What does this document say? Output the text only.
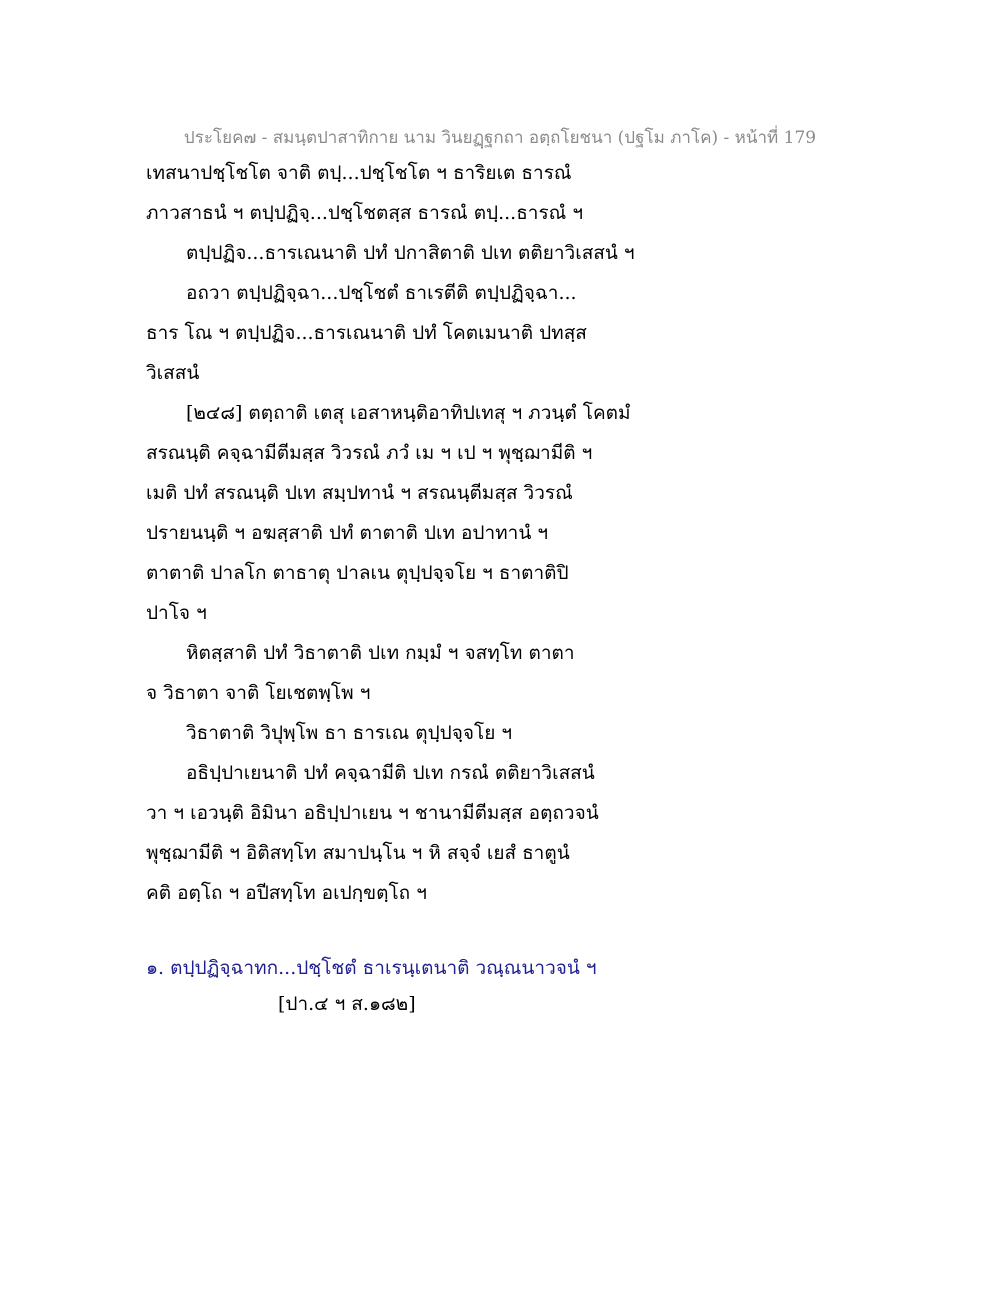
ประโยค๗ - สมนฺตปาสาทิกาย นาม วินยฏฺฐกถา อตฺถโยชนา (ปฐโม ภาโค) - หน้าที่ 179
เทสนาปชฺโชโต จาติ ตปฺ...ปชฺโชโต ฯ ธาริยเต ธารณํ
ภาวสาธนํ ฯ ตปฺปฏิจฺ...ปชฺโชตสฺส ธารณํ ตปฺ...ธารณํ ฯ
ตปฺปฏิจ...ธารเณนาติ ปทํ ปกาสิตาติ ปเท ตติยาวิเสสนํ ฯ
อถวา ตปฺปฏิจฺฉา...ปชฺโชตํ ธาเรตีติ ตปฺปฏิจฺฉา...
ธาร โณ ฯ ตปฺปฏิจ...ธารเณนาติ ปทํ โคตเมนาติ ปทสฺส
วิเสสนํ
[๒๔๘] ตตฺถาติ เตสุ เอสาหนฺติอาทิปเทสุ ฯ ภวนฺตํ โคตมํ
สรณนฺติ คจฺฉามีตีมสฺส วิวรณํ ภวํ เม ฯ เป ฯ พุชฺฌามีติ ฯ
เมติ ปทํ สรณนฺติ ปเท สมฺปทานํ ฯ สรณนฺตีมสฺส วิวรณํ
ปรายนนฺติ ฯ อฆสฺสาติ ปทํ ตาตาติ ปเท อปาทานํ ฯ
ตาตาติ ปาลโก ตาธาตุ ปาลเน ตุปฺปจฺจโย ฯ ธาตาติปิ
ปาโจ ฯ
หิตสฺสาติ ปทํ วิธาตาติ ปเท กมฺมํ ฯ จสทฺโท ตาตา
จ วิธาตา จาติ โยเชตพฺโพ ฯ
วิธาตาติ วิปุพฺโพ ธา ธารเณ ตุปฺปจฺจโย ฯ
อธิปฺปาเยนาติ ปทํ คจฺฉามีติ ปเท กรณํ ตติยาวิเสสนํ
วา ฯ เอวนฺติ อิมินา อธิปฺปาเยน ฯ ชานามีตีมสฺส อตฺถวจนํ
พุชฺฌามีติ ฯ อิติสทฺโท สมาปนฺโน ฯ หิ สจฺจํ เยสํ ธาตูนํ
คติ อตฺโถ ฯ อปีสทฺโท อเปกฺขตฺโถ ฯ
๑. ตปฺปฏิจฺฉาทก...ปชฺโชตํ ธาเรนฺเตนาติ วณฺณนาวจนํ ฯ
[ปา.๔ ฯ ส.๑๘๒]
